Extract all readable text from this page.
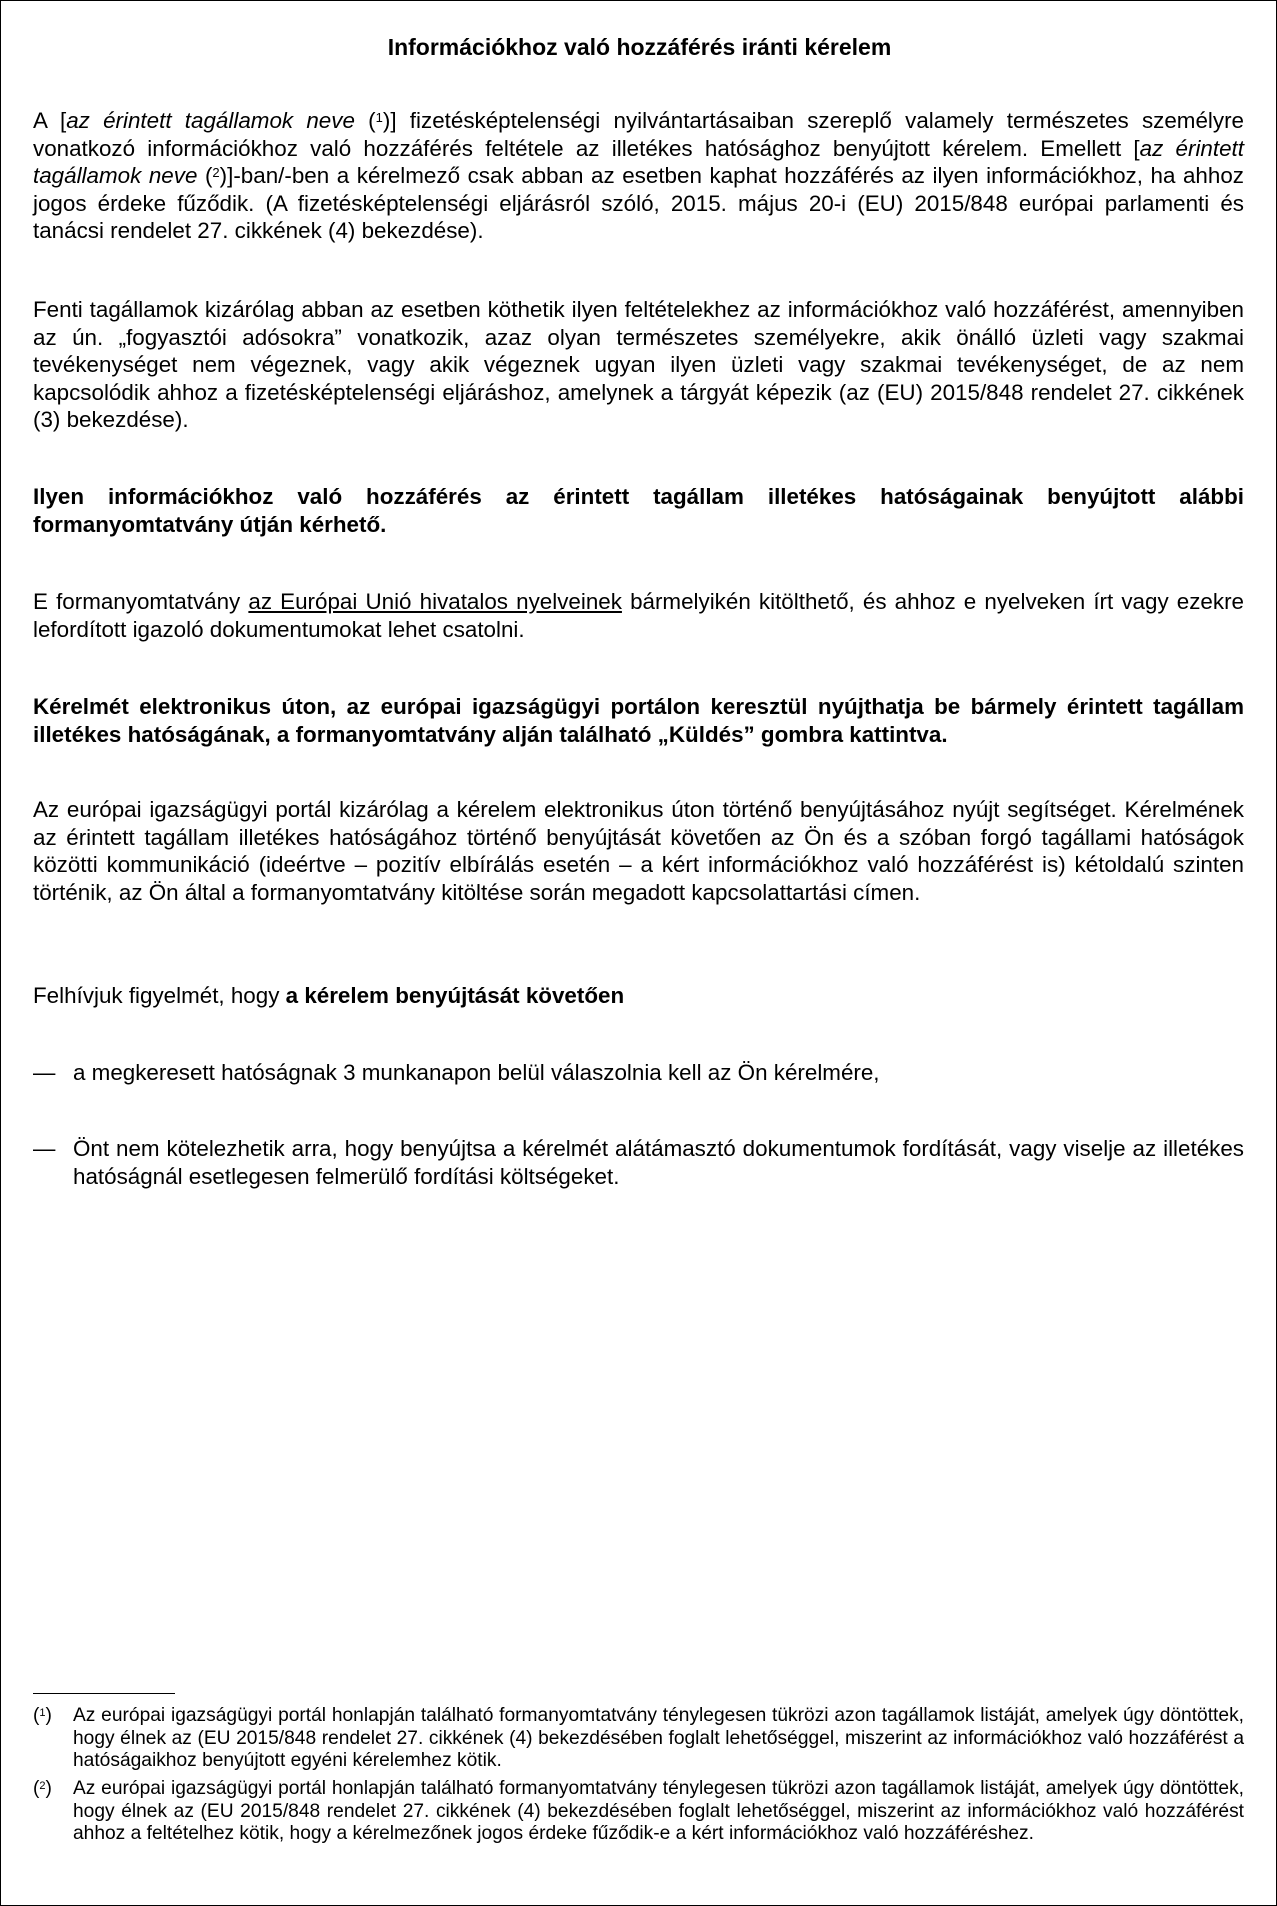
Információkhoz való hozzáférés iránti kérelem

A [az érintett tagállamok neve ($^1$)] fizetésképtelenségi nyilvántartásaiban szereplő valamely természetes személyre vonatkozó információkhoz való hozzáférés feltétele az illetékes hatósághoz benyújtott kérelem. Emellett [az érintett tagállamok neve ($^2$)]-ban/-ben a kérelmező csak abban az esetben kaphat hozzáférés az ilyen információkhoz, ha ahhoz jogos érdeke fűződik. (A fizetésképtelenségi eljárásról szóló, 2015. május 20-i (EU) 2015/848 európai parlamenti és tanácsi rendelet 27. cikkének (4) bekezdése).

Fenti tagállamok kizárólag abban az esetben köthetik ilyen feltételekhez az információkhoz való hozzáférést, amennyiben az ún. „fogyasztói adósokra” vonatkozik, azaz olyan természetes személyekre, akik önálló üzleti vagy szakmai tevékenységet nem végeznek, vagy akik végeznek ugyan ilyen üzleti vagy szakmai tevékenységet, de az nem kapcsolódik ahhoz a fizetésképtelenségi eljáráshoz, amelynek a tárgyát képezik (az (EU) 2015/848 rendelet 27. cikkének (3) bekezdése).

Ilyen információkhoz való hozzáférés az érintett tagállam illetékes hatóságainak benyújtott alábbi formanyomtatvány útján kérhető.

E formanyomtatvány az Európai Unió hivatalos nyelveinek bármelyikén kitölthető, és ahhoz e nyelveken írt vagy ezekre lefordított igazoló dokumentumokat lehet csatolni.

Kérelmét elektronikus úton, az európai igazságügyi portálon keresztül nyújthatja be bármely érintett tagállam illetékes hatóságának, a formanyomtatvány alján található „Küldés” gombra kattintva.

Az európai igazságügyi portál kizárólag a kérelem elektronikus úton történő benyújtásához nyújt segítséget. Kérelmének az érintett tagállam illetékes hatóságához történő benyújtását követően az Ön és a szóban forgó tagállami hatóságok közötti kommunikáció (ideértve – pozitív elbírálás esetén – a kért információkhoz való hozzáférést is) kétoldalú szinten történik, az Ön által a formanyomtatvány kitöltése során megadott kapcsolattartási címen.

Felhívjuk figyelmét, hogy a kérelem benyújtását követően

— a megkeresett hatóságnak 3 munkanapon belül válaszolnia kell az Ön kérelmére,
— Önt nem kötelezhetik arra, hogy benyújtsa a kérelmét alátámasztó dokumentumok fordítását, vagy viselje az illetékes hatóságnál esetlegesen felmerülő fordítási költségeket.
($^1$) Az európai igazságügyi portál honlapján található formanyomtatvány ténylegesen tükrözi azon tagállamok listáját, amelyek úgy döntöttek, hogy élnek az (EU 2015/848 rendelet 27. cikkének (4) bekezdésében foglalt lehetőséggel, miszerint az információkhoz való hozzáférést a hatóságaikhoz benyújtott egyéni kérelemhez kötik.
($^2$) Az európai igazságügyi portál honlapján található formanyomtatvány ténylegesen tükrözi azon tagállamok listáját, amelyek úgy döntöttek, hogy élnek az (EU 2015/848 rendelet 27. cikkének (4) bekezdésében foglalt lehetőséggel, miszerint az információkhoz való hozzáférést ahhoz a feltételhez kötik, hogy a kérelmezőnek jogos érdeke fűződik-e a kért információkhoz való hozzáféréshez.
